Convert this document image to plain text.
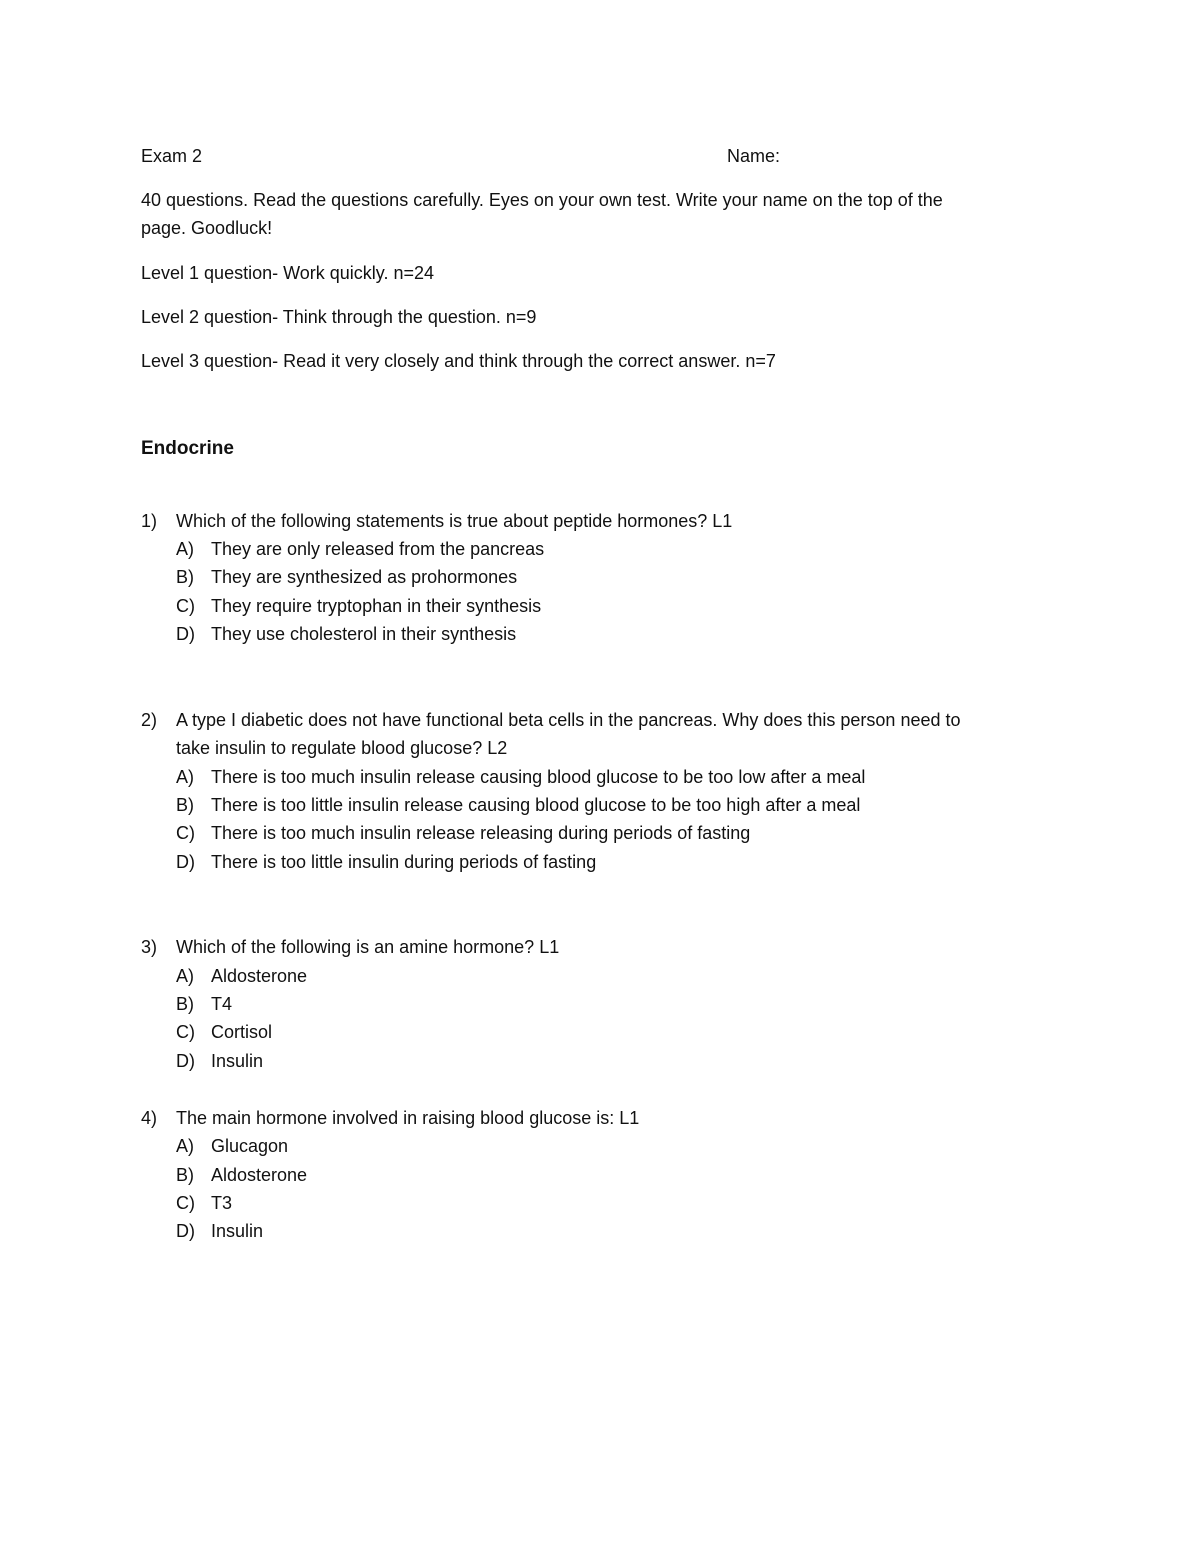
Exam 2	Name:
40 questions. Read the questions carefully. Eyes on your own test. Write your name on the top of the
page. Goodluck!
Level 1 question- Work quickly. n=24
Level 2 question- Think through the question. n=9
Level 3 question- Read it very closely and think through the correct answer. n=7
Endocrine
1) Which of the following statements is true about peptide hormones? L1
A) They are only released from the pancreas
B) They are synthesized as prohormones
C) They require tryptophan in their synthesis
D) They use cholesterol in their synthesis
2) A type I diabetic does not have functional beta cells in the pancreas. Why does this person need to
take insulin to regulate blood glucose? L2
A) There is too much insulin release causing blood glucose to be too low after a meal
B) There is too little insulin release causing blood glucose to be too high after a meal
C) There is too much insulin release releasing during periods of fasting
D) There is too little insulin during periods of fasting
3) Which of the following is an amine hormone? L1
A) Aldosterone
B) T4
C) Cortisol
D) Insulin
4) The main hormone involved in raising blood glucose is: L1
A) Glucagon
B) Aldosterone
C) T3
D) Insulin
